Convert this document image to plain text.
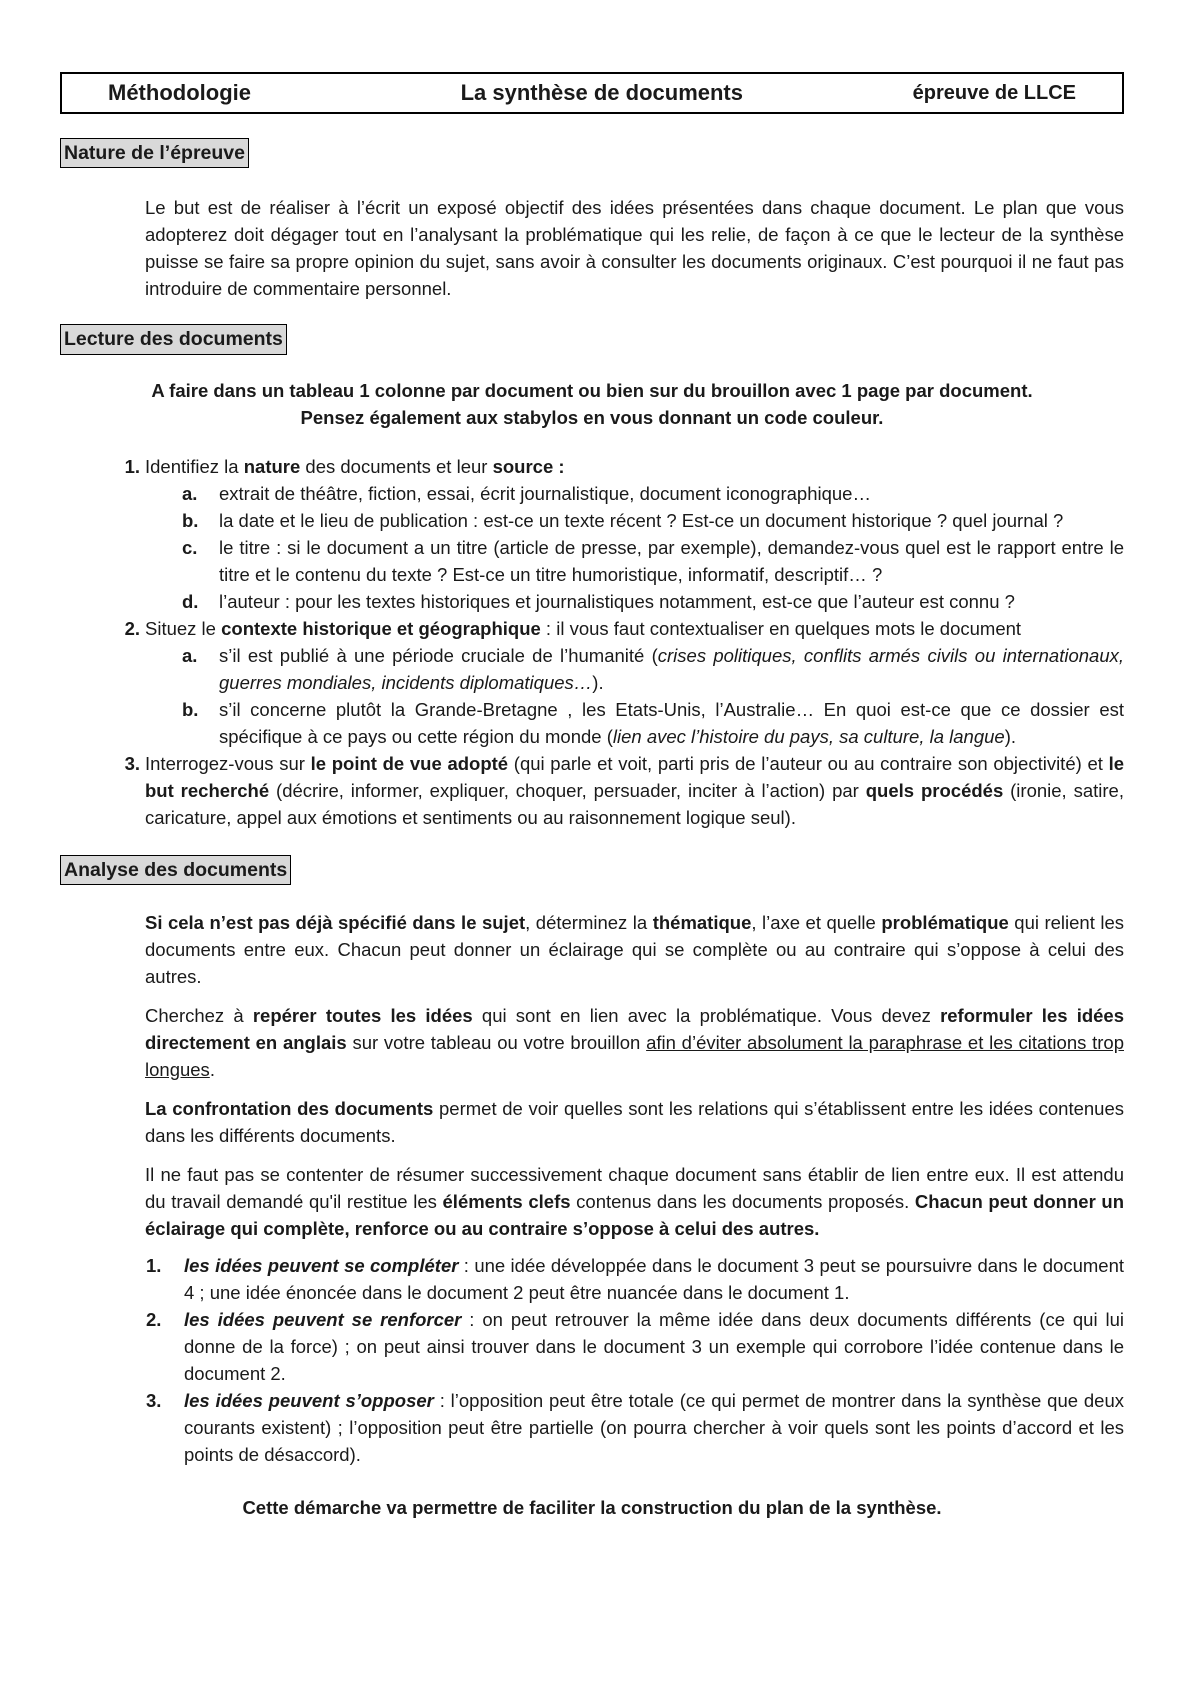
Méthodologie	La synthèse de documents	épreuve de LLCE
Nature de l’épreuve

Le but est de réaliser à l’écrit un exposé objectif des idées présentées dans chaque document. Le plan que vous adopterez doit dégager tout en l’analysant la problématique qui les relie, de façon à ce que le lecteur de la synthèse puisse se faire sa propre opinion du sujet, sans avoir à consulter les documents originaux. C’est pourquoi il ne faut pas introduire de commentaire personnel.

Lecture des documents
A faire dans un tableau 1 colonne par document ou bien sur du brouillon avec 1 page par document.
Pensez également aux stabylos en vous donnant un code couleur.
1. Identifiez la nature des documents et leur source :
a. extrait de théâtre, fiction, essai, écrit journalistique, document iconographique…
b. la date et le lieu de publication : est-ce un texte récent ? Est-ce un document historique ? quel journal ?
c. le titre : si le document a un titre (article de presse, par exemple), demandez-vous quel est le rapport entre le titre et le contenu du texte ? Est-ce un titre humoristique, informatif, descriptif… ?
d. l’auteur : pour les textes historiques et journalistiques notamment, est-ce que l’auteur est connu ?
2. Situez le contexte historique et géographique : il vous faut contextualiser en quelques mots le document
a. s’il est publié à une période cruciale de l’humanité (crises politiques, conflits armés civils ou internationaux, guerres mondiales, incidents diplomatiques…).
b. s’il concerne plutôt la Grande-Bretagne , les Etats-Unis, l’Australie… En quoi est-ce que ce dossier est spécifique à ce pays ou cette région du monde (lien avec l’histoire du pays, sa culture, la langue).
3. Interrogez-vous sur le point de vue adopté (qui parle et voit, parti pris de l’auteur ou au contraire son objectivité) et le but recherché (décrire, informer, expliquer, choquer, persuader, inciter à l’action) par quels procédés (ironie, satire, caricature, appel aux émotions et sentiments ou au raisonnement logique seul).
Analyse des documents

Si cela n’est pas déjà spécifié dans le sujet, déterminez la thématique, l’axe et quelle problématique qui relient les documents entre eux. Chacun peut donner un éclairage qui se complète ou au contraire qui s’oppose à celui des autres.

Cherchez à repérer toutes les idées qui sont en lien avec la problématique. Vous devez reformuler les idées directement en anglais sur votre tableau ou votre brouillon afin d’éviter absolument la paraphrase et les citations trop longues.

La confrontation des documents permet de voir quelles sont les relations qui s’établissent entre les idées contenues dans les différents documents.

Il ne faut pas se contenter de résumer successivement chaque document sans établir de lien entre eux. Il est attendu du travail demandé qu'il restitue les éléments clefs contenus dans les documents proposés. Chacun peut donner un éclairage qui complète, renforce ou au contraire s’oppose à celui des autres.

1. les idées peuvent se compléter : une idée développée dans le document 3 peut se poursuivre dans le document 4 ; une idée énoncée dans le document 2 peut être nuancée dans le document 1.
2. les idées peuvent se renforcer : on peut retrouver la même idée dans deux documents différents (ce qui lui donne de la force) ; on peut ainsi trouver dans le document 3 un exemple qui corrobore l’idée contenue dans le document 2.
3. les idées peuvent s’opposer : l’opposition peut être totale (ce qui permet de montrer dans la synthèse que deux courants existent) ; l’opposition peut être partielle (on pourra chercher à voir quels sont les points d’accord et les points de désaccord).
Cette démarche va permettre de faciliter la construction du plan de la synthèse.
